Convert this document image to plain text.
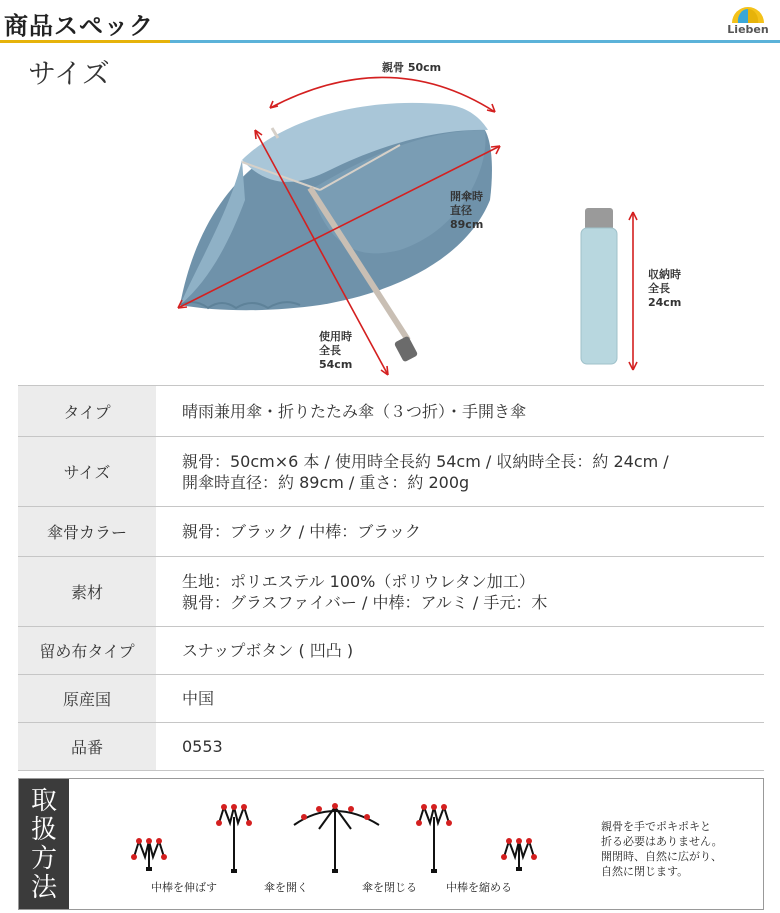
商品スペック	Lieben
サイズ	親骨 50cm
開傘時
直径
89cm
使用時
全長
54cm
収納時
全長
24cm
タイプ	晴雨兼用傘・折りたたみ傘（３つ折）・手開き傘

サイズ	親骨：50cm×6 本 / 使用時全長約 54cm / 収納時全長：約 24cm /
開傘時直径：約 89cm / 重さ：約 200g

傘骨カラー	親骨：ブラック / 中棒：ブラック

素材	生地：ポリエステル 100%（ポリウレタン加工）
親骨：グラスファイバー / 中棒：アルミ / 手元：木

留め布タイプ	スナップボタン ( 凹凸 )

原産国	中国

品番	0553
取
扱
方
法	中棒を伸ばす	傘を開く	傘を閉じる	中棒を縮める
親骨を手でポキポキと
折る必要はありません。
開閉時、自然に広がり、
自然に閉じます。
